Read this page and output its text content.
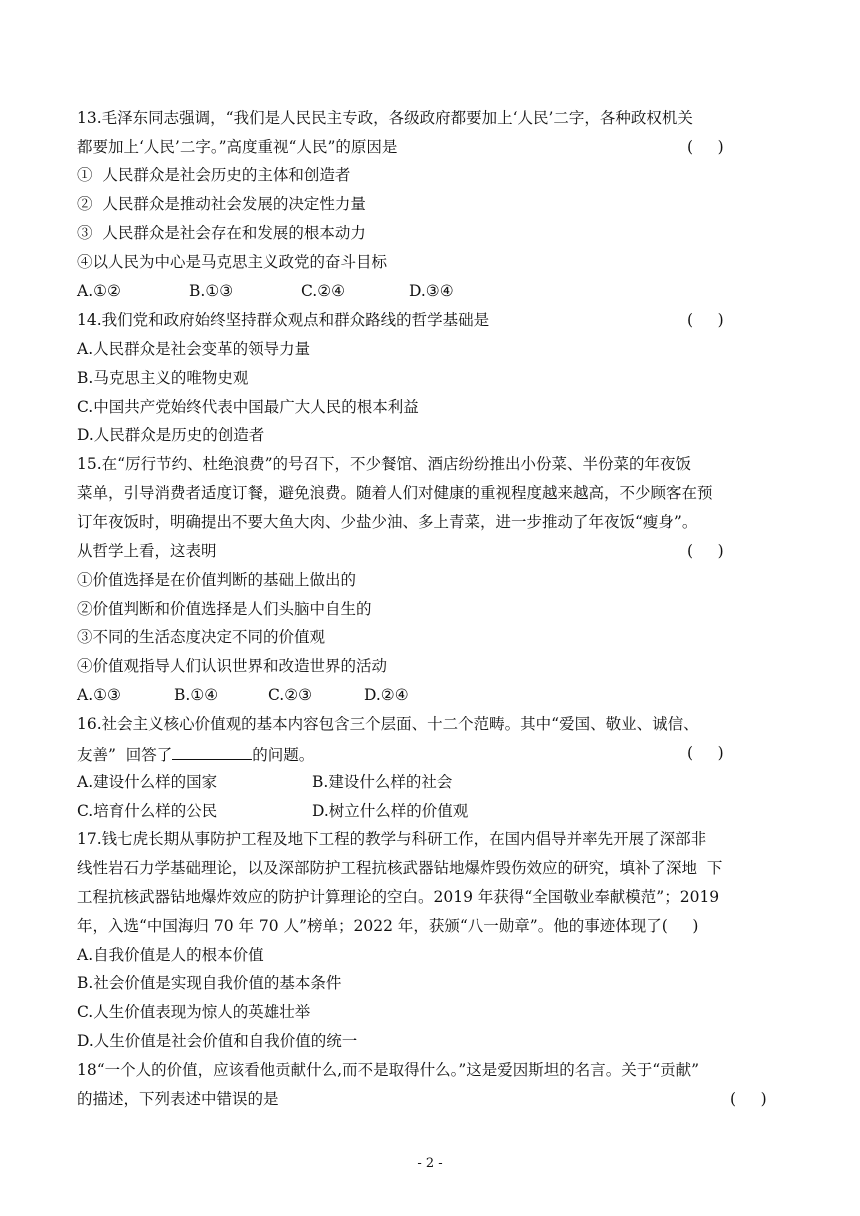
13.毛泽东同志强调，“我们是人民民主专政，各级政府都要加上‘人民’二字，各种政权机关
都要加上‘人民’二字。”高度重视“人民”的原因是	(     )
①  人民群众是社会历史的主体和创造者
②  人民群众是推动社会发展的决定性力量
③  人民群众是社会存在和发展的根本动力
④以人民为中心是马克思主义政党的奋斗目标
A.①②	B.①③	C.②④	D.③④
14.我们党和政府始终坚持群众观点和群众路线的哲学基础是	(     )
A.人民群众是社会变革的领导力量
B.马克思主义的唯物史观
C.中国共产党始终代表中国最广大人民的根本利益
D.人民群众是历史的创造者
15.在“厉行节约、杜绝浪费”的号召下，不少餐馆、酒店纷纷推出小份菜、半份菜的年夜饭
菜单，引导消费者适度订餐，避免浪费。随着人们对健康的重视程度越来越高，不少顾客在预
订年夜饭时，明确提出不要大鱼大肉、少盐少油、多上青菜，进一步推动了年夜饭“瘦身”。
从哲学上看，这表明	(     )
①价值选择是在价值判断的基础上做出的
②价值判断和价值选择是人们头脑中自生的
③不同的生活态度决定不同的价值观
④价值观指导人们认识世界和改造世界的活动
A.①③	B.①④	C.②③	D.②④
16.社会主义核心价值观的基本内容包含三个层面、十二个范畴。其中“爱国、敬业、诚信、
友善”  回答了	的问题。	(     )
A.建设什么样的国家	B.建设什么样的社会
C.培育什么样的公民	D.树立什么样的价值观
17.钱七虎长期从事防护工程及地下工程的教学与科研工作，在国内倡导并率先开展了深部非
线性岩石力学基础理论，以及深部防护工程抗核武器钻地爆炸毁伤效应的研究，填补了深地  下
工程抗核武器钻地爆炸效应的防护计算理论的空白。2019 年获得“全国敬业奉献模范”；2019
年，入选“中国海归 70 年 70 人”榜单；2022 年，获颁“八一勋章”。他的事迹体现了(     )
A.自我价值是人的根本价值
B.社会价值是实现自我价值的基本条件
C.人生价值表现为惊人的英雄壮举
D.人生价值是社会价值和自我价值的统一
18“一个人的价值，应该看他贡献什么,而不是取得什么。”这是爱因斯坦的名言。关于“贡献”
的描述，下列表述中错误的是	(     )
- 2 -
